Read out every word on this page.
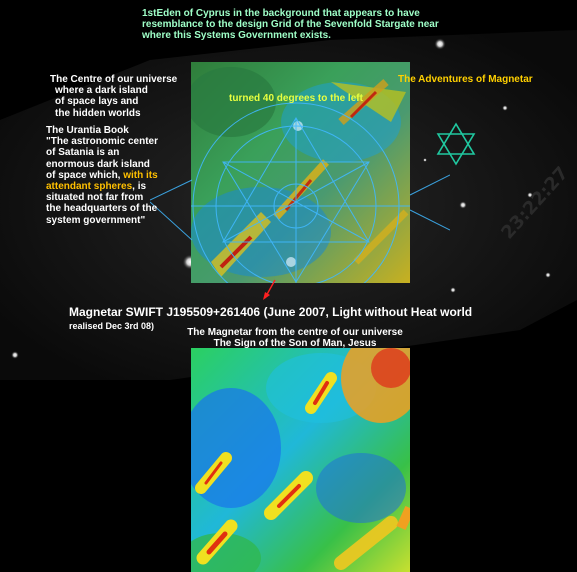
1stEden of Cyprus in the background that appears to have
resemblance to the design Grid of the Sevenfold Stargate near
where this Systems Government exists.
The Centre of our universe
where a dark island
of space lays and
the hidden worlds
The Urantia Book
"The astronomic center
of Satania is an
enormous dark island
of space which, with its
attendant spheres, is
situated not far from
the headquarters of the
system government"
The Adventures of Magnetar
turned 40 degrees to the left
23:22:27
Magnetar SWIFT J195509+261406 (June 2007, Light without Heat world
realised Dec 3rd 08)
The Magnetar from the centre of our universe
The Sign of the Son of Man, Jesus
